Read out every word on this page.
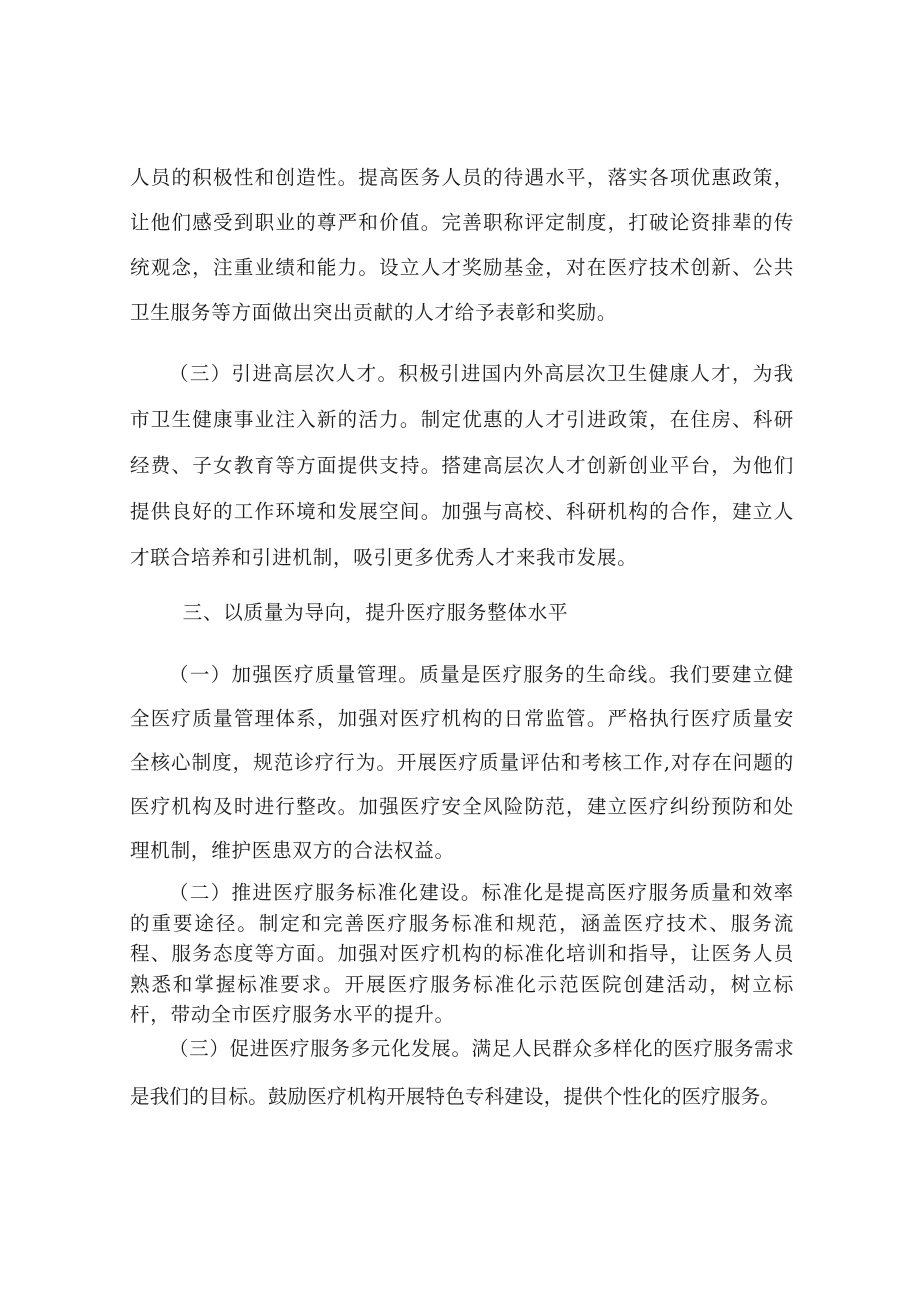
人员的积极性和创造性。提高医务人员的待遇水平，落实各项优惠政策，让他们感受到职业的尊严和价值。完善职称评定制度，打破论资排辈的传统观念，注重业绩和能力。设立人才奖励基金，对在医疗技术创新、公共卫生服务等方面做出突出贡献的人才给予表彰和奖励。

（三）引进高层次人才。积极引进国内外高层次卫生健康人才，为我市卫生健康事业注入新的活力。制定优惠的人才引进政策，在住房、科研经费、子女教育等方面提供支持。搭建高层次人才创新创业平台，为他们提供良好的工作环境和发展空间。加强与高校、科研机构的合作，建立人才联合培养和引进机制，吸引更多优秀人才来我市发展。

三、以质量为导向，提升医疗服务整体水平

（一）加强医疗质量管理。质量是医疗服务的生命线。我们要建立健全医疗质量管理体系，加强对医疗机构的日常监管。严格执行医疗质量安全核心制度，规范诊疗行为。开展医疗质量评估和考核工作,对存在问题的医疗机构及时进行整改。加强医疗安全风险防范，建立医疗纠纷预防和处理机制，维护医患双方的合法权益。

（二）推进医疗服务标准化建设。标准化是提高医疗服务质量和效率的重要途径。制定和完善医疗服务标准和规范，涵盖医疗技术、服务流程、服务态度等方面。加强对医疗机构的标准化培训和指导，让医务人员熟悉和掌握标准要求。开展医疗服务标准化示范医院创建活动，树立标杆，带动全市医疗服务水平的提升。

（三）促进医疗服务多元化发展。满足人民群众多样化的医疗服务需求是我们的目标。鼓励医疗机构开展特色专科建设，提供个性化的医疗服务。
